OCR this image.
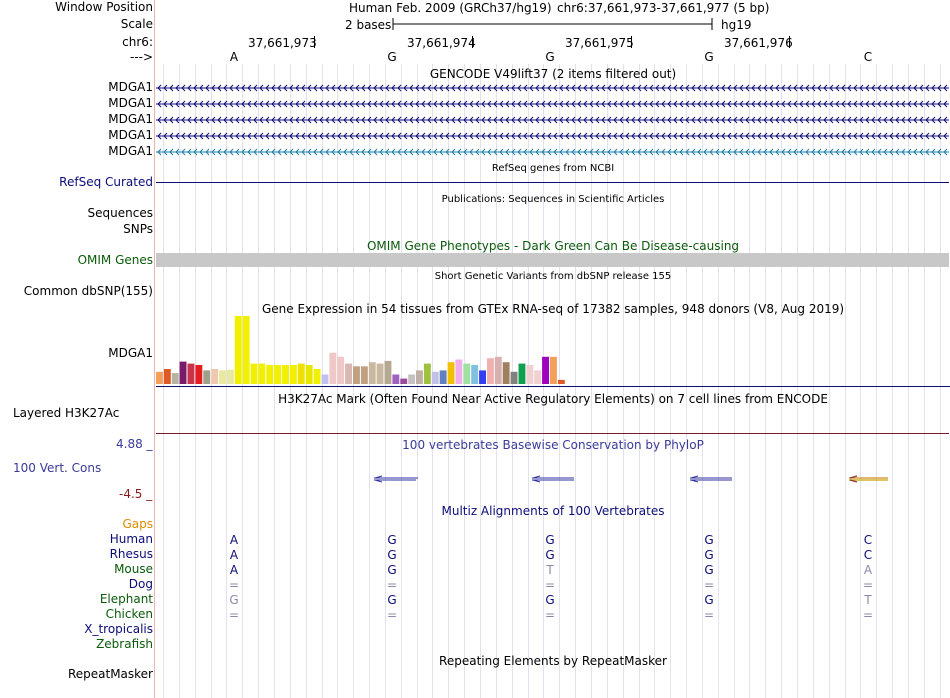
Window Position
Scale
chr6:
--->
Human Feb. 2009 (GRCh37/hg19) chr6:37,661,973-37,661,977 (5 bp)
2 bases	hg19
37,661,973	37,661,974	37,661,975	37,661,976
A	G	G	G	C
GENCODE V49lift37 (2 items filtered out)
MDGA1
MDGA1
MDGA1
MDGA1
MDGA1
RefSeq genes from NCBI
RefSeq Curated
Publications: Sequences in Scientific Articles
Sequences
SNPs
OMIM Gene Phenotypes - Dark Green Can Be Disease-causing
OMIM Genes
Short Genetic Variants from dbSNP release 155
Common dbSNP(155)
Gene Expression in 54 tissues from GTEx RNA-seq of 17382 samples, 948 donors (V8, Aug 2019)
MDGA1
H3K27Ac Mark (Often Found Near Active Regulatory Elements) on 7 cell lines from ENCODE
Layered H3K27Ac
100 vertebrates Basewise Conservation by PhyloP
4.88 _
100 Vert. Cons
-4.5 _
Multiz Alignments of 100 Vertebrates
Gaps
Human	A	G	G	G	C
Rhesus	A	G	G	G	C
Mouse	A	G	T	G	A
Dog	=	=	=	=	=
Elephant	G	G	G	G	T
Chicken	=	=	=	=	=
X_tropicalis
Zebrafish
Repeating Elements by RepeatMasker
RepeatMasker
